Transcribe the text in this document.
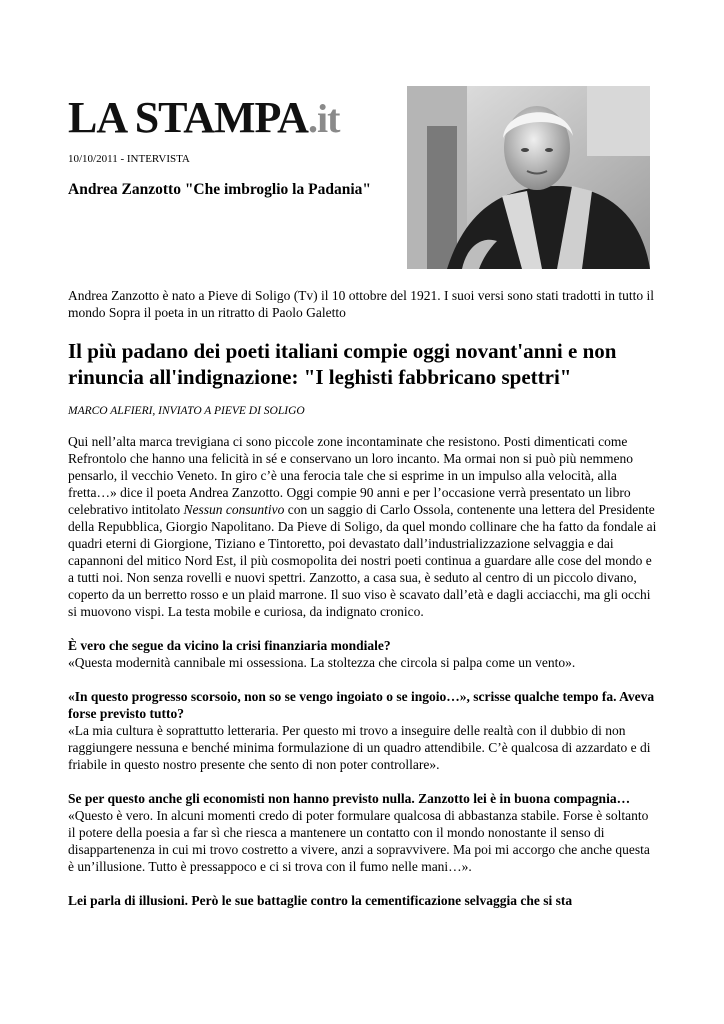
LA STAMPA.it
10/10/2011 - INTERVISTA
Andrea Zanzotto "Che imbroglio la Padania"
Andrea Zanzotto è nato a Pieve di Soligo (Tv) il 10 ottobre del 1921. I suoi versi sono stati tradotti in tutto il mondo Sopra il poeta in un ritratto di Paolo Galetto
Il più padano dei poeti italiani compie oggi novant'anni e non rinuncia all'indignazione: "I leghisti fabbricano spettri"
MARCO ALFIERI, INVIATO A PIEVE DI SOLIGO

Qui nell’alta marca trevigiana ci sono piccole zone incontaminate che resistono. Posti dimenticati come Refrontolo che hanno una felicità in sé e conservano un loro incanto. Ma ormai non si può più nemmeno pensarlo, il vecchio Veneto. In giro c’è una ferocia tale che si esprime in un impulso alla velocità, alla fretta…» dice il poeta Andrea Zanzotto. Oggi compie 90 anni e per l’occasione verrà presentato un libro celebrativo intitolato Nessun consuntivo con un saggio di Carlo Ossola, contenente una lettera del Presidente della Repubblica, Giorgio Napolitano. Da Pieve di Soligo, da quel mondo collinare che ha fatto da fondale ai quadri eterni di Giorgione, Tiziano e Tintoretto, poi devastato dall’industrializzazione selvaggia e dai capannoni del mitico Nord Est, il più cosmopolita dei nostri poeti continua a guardare alle cose del mondo e a tutti noi. Non senza rovelli e nuovi spettri. Zanzotto, a casa sua, è seduto al centro di un piccolo divano, coperto da un berretto rosso e un plaid marrone. Il suo viso è scavato dall’età e dagli acciacchi, ma gli occhi si muovono vispi. La testa mobile e curiosa, da indignato cronico.

È vero che segue da vicino la crisi finanziaria mondiale?
«Questa modernità cannibale mi ossessiona. La stoltezza che circola si palpa come un vento».

«In questo progresso scorsoio, non so se vengo ingoiato o se ingoio…», scrisse qualche tempo fa. Aveva forse previsto tutto?
«La mia cultura è soprattutto letteraria. Per questo mi trovo a inseguire delle realtà con il dubbio di non raggiungere nessuna e benché minima formulazione di un quadro attendibile. C’è qualcosa di azzardato e di friabile in questo nostro presente che sento di non poter controllare».

Se per questo anche gli economisti non hanno previsto nulla. Zanzotto lei è in buona compagnia…
«Questo è vero. In alcuni momenti credo di poter formulare qualcosa di abbastanza stabile. Forse è soltanto il potere della poesia a far sì che riesca a mantenere un contatto con il mondo nonostante il senso di disappartenenza in cui mi trovo costretto a vivere, anzi a sopravvivere. Ma poi mi accorgo che anche questa è un’illusione. Tutto è pressappoco e ci si trova con il fumo nelle mani…».

Lei parla di illusioni. Però le sue battaglie contro la cementificazione selvaggia che si sta
